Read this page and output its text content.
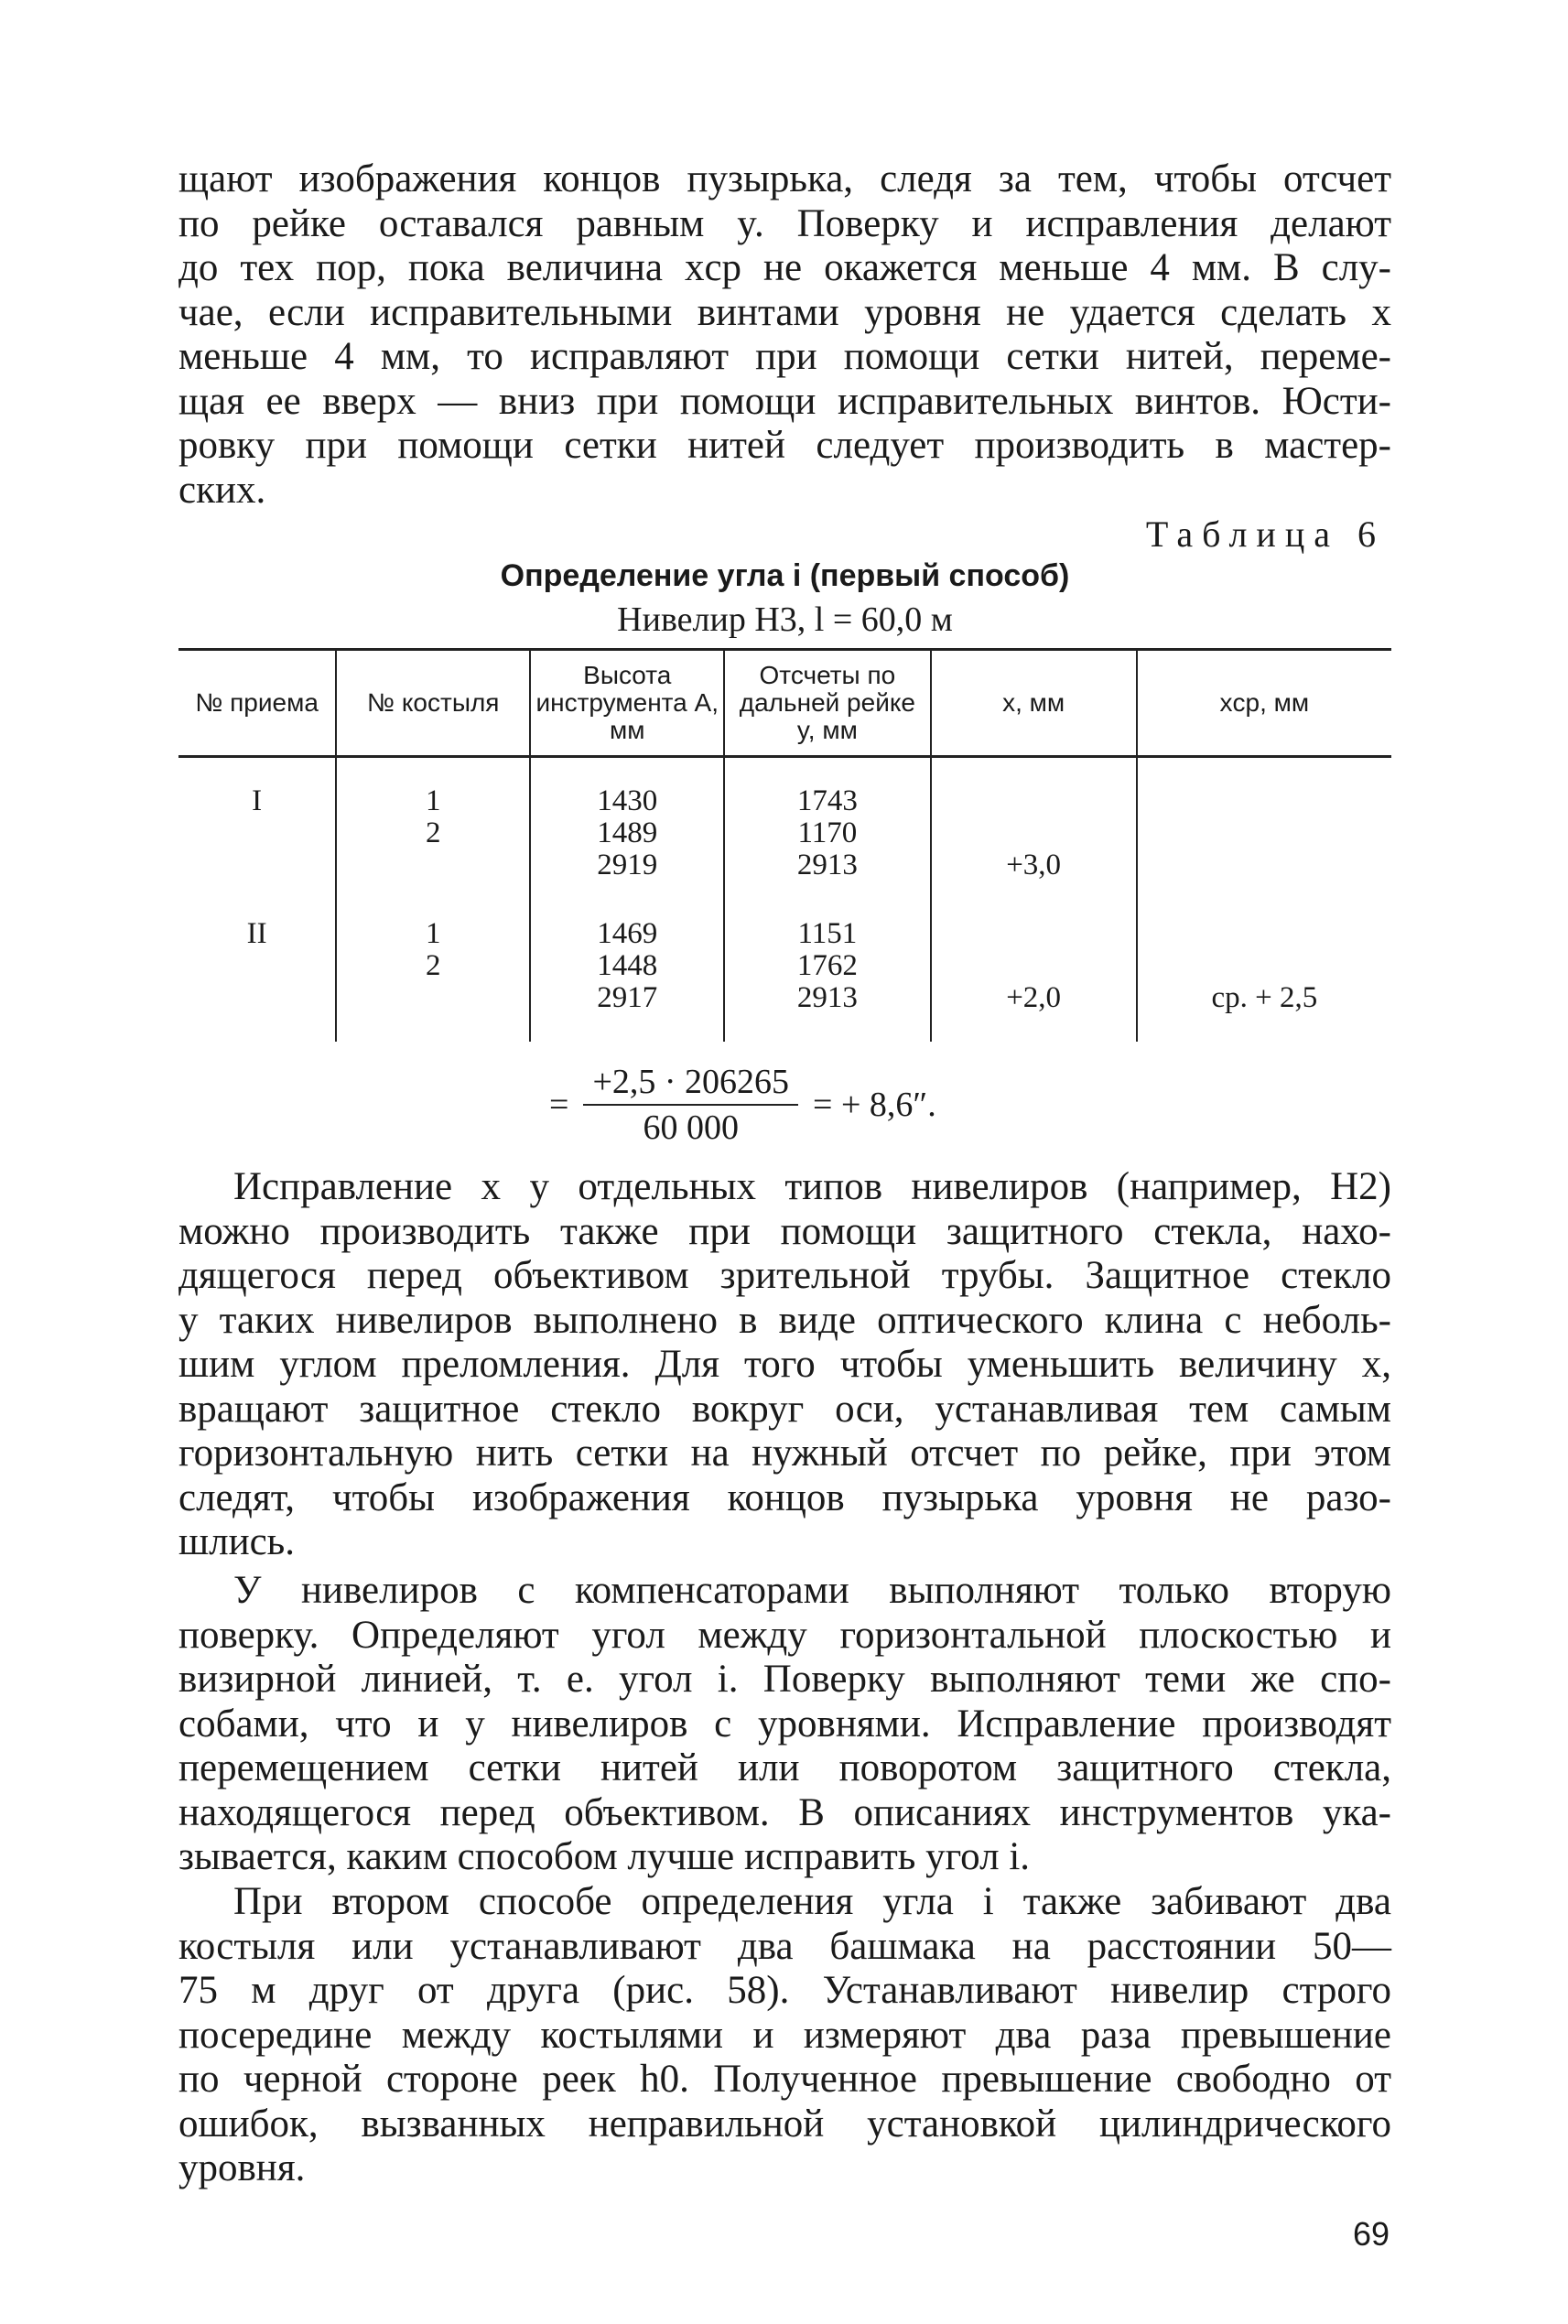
щают изображения концов пузырька, следя за тем, чтобы отсчет
по рейке оставался равным y. Поверку и исправления делают
до тех пор, пока величина xср не окажется меньше 4 мм. В слу-
чае, если исправительными винтами уровня не удается сделать x
меньше 4 мм, то исправляют при помощи сетки нитей, переме-
щая ее вверх — вниз при помощи исправительных винтов. Юсти-
ровку при помощи сетки нитей следует производить в мастер-
ских.
Таблица 6
Определение угла i (первый способ)
Нивелир Н3, l = 60,0 м
№ приема	№ костыля	Высота инструмента A, мм	Отсчеты по дальней рейке y, мм	x, мм	xср, мм

I	1	1430	1743		
	2	1489	1170		
		2919	2913	+3,0	

II	1	1469	1151		
	2	1448	1762		
		2917	2913	+2,0	ср. + 2,5

= $\frac{+2,5 \cdot 206265}{60 000}$ = + 8,6″.
Исправление x у отдельных типов нивелиров (например, Н2)
можно производить также при помощи защитного стекла, нахо-
дящегося перед объективом зрительной трубы. Защитное стекло
у таких нивелиров выполнено в виде оптического клина с неболь-
шим углом преломления. Для того чтобы уменьшить величину x,
вращают защитное стекло вокруг оси, устанавливая тем самым
горизонтальную нить сетки на нужный отсчет по рейке, при этом
следят, чтобы изображения концов пузырька уровня не разо-
шлись.
У нивелиров с компенсаторами выполняют только вторую
поверку. Определяют угол между горизонтальной плоскостью и
визирной линией, т. е. угол i. Поверку выполняют теми же спо-
собами, что и у нивелиров с уровнями. Исправление производят
перемещением сетки нитей или поворотом защитного стекла,
находящегося перед объективом. В описаниях инструментов ука-
зывается, каким способом лучше исправить угол i.
При втором способе определения угла i также забивают два
костыля или устанавливают два башмака на расстоянии 50—
75 м друг от друга (рис. 58). Устанавливают нивелир строго
посередине между костылями и измеряют два раза превышение
по черной стороне реек h0. Полученное превышение свободно от
ошибок, вызванных неправильной установкой цилиндрического
уровня.
69
